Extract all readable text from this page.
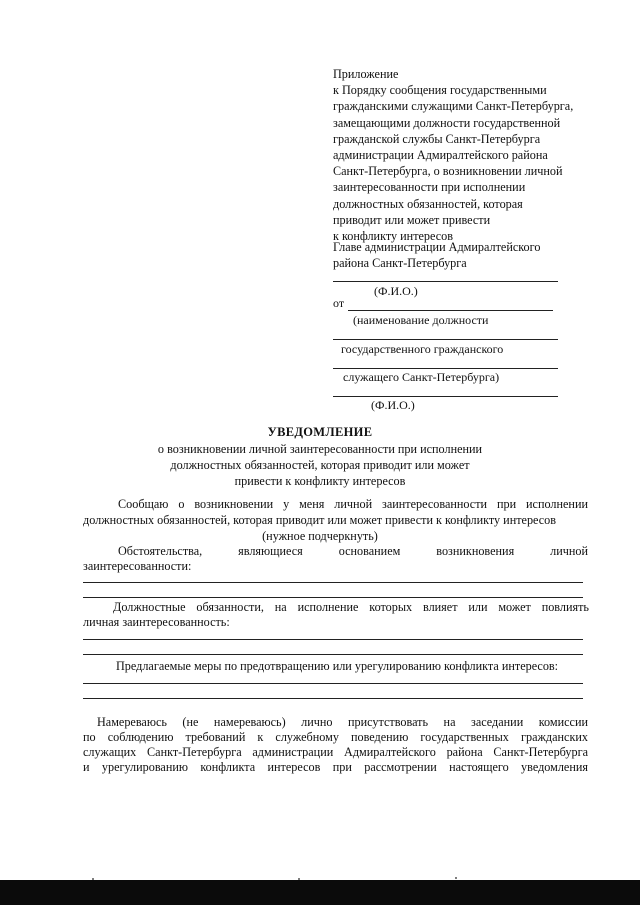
Приложение
к Порядку сообщения государственными
гражданскими служащими Санкт-Петербурга,
замещающими должности государственной
гражданской службы Санкт-Петербурга
администрации Адмиралтейского района
Санкт-Петербурга, о возникновении личной
заинтересованности при исполнении
должностных обязанностей, которая
приводит или может привести
к конфликту интересов
Главе администрации Адмиралтейского
района Санкт-Петербурга
(Ф.И.О.)
от
(наименование должности
государственного гражданского
служащего Санкт-Петербурга)
(Ф.И.О.)
УВЕДОМЛЕНИЕ
о возникновении личной заинтересованности при исполнении
должностных обязанностей, которая приводит или может
привести к конфликту интересов
Сообщаю о возникновении у меня личной заинтересованности при исполнении
должностных обязанностей, которая приводит или может привести к конфликту интересов
(нужное подчеркнуть)
Обстоятельства, являющиеся основанием возникновения личной
заинтересованности:
Должностные обязанности, на исполнение которых влияет или может повлиять
личная заинтересованность:
Предлагаемые меры по предотвращению или урегулированию конфликта интересов:
Намереваюсь (не намереваюсь) лично присутствовать на заседании комиссии
по соблюдению требований к служебному поведению государственных гражданских
служащих Санкт-Петербурга администрации Адмиралтейского района Санкт-Петербурга
и урегулированию конфликта интересов при рассмотрении настоящего уведомления
